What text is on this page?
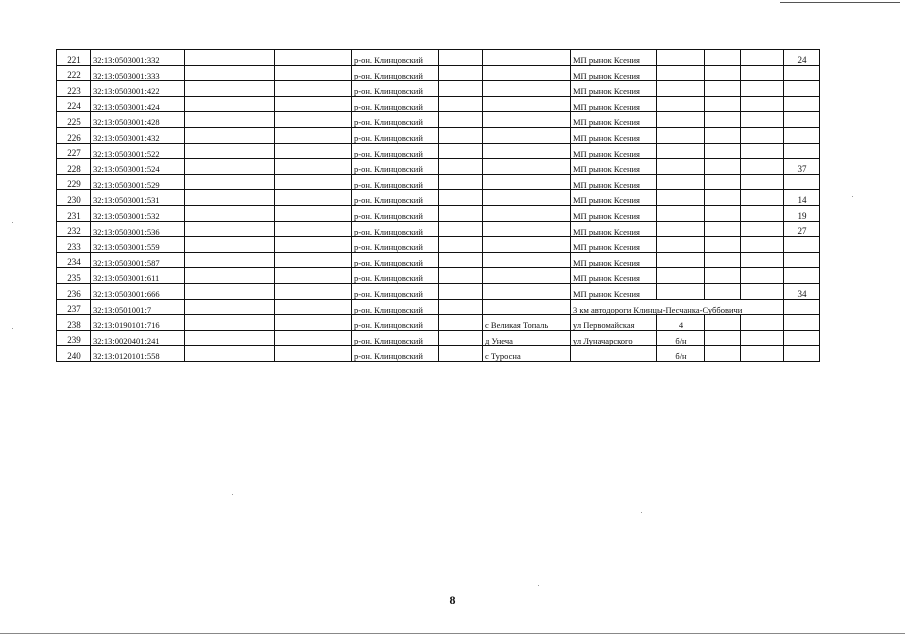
221	32:13:0503001:332			р-он. Клинцовский			МП рынок Ксения				24
222	32:13:0503001:333			р-он. Клинцовский			МП рынок Ксения				
223	32:13:0503001:422			р-он. Клинцовский			МП рынок Ксения				
224	32:13:0503001:424			р-он. Клинцовский			МП рынок Ксения				
225	32:13:0503001:428			р-он. Клинцовский			МП рынок Ксения				
226	32:13:0503001:432			р-он. Клинцовский			МП рынок Ксения				
227	32:13:0503001:522			р-он. Клинцовский			МП рынок Ксения				
228	32:13:0503001:524			р-он. Клинцовский			МП рынок Ксения				37
229	32:13:0503001:529			р-он. Клинцовский			МП рынок Ксения				
230	32:13:0503001:531			р-он. Клинцовский			МП рынок Ксения				14
231	32:13:0503001:532			р-он. Клинцовский			МП рынок Ксения				19
232	32:13:0503001:536			р-он. Клинцовский			МП рынок Ксения				27
233	32:13:0503001:559			р-он. Клинцовский			МП рынок Ксения				
234	32:13:0503001:587			р-он. Клинцовский			МП рынок Ксения				
235	32:13:0503001:611			р-он. Клинцовский			МП рынок Ксения				
236	32:13:0503001:666			р-он. Клинцовский			МП рынок Ксения				34
237	32:13:0501001:7			р-он. Клинцовский			3 км автодороги Клинцы-Песчанка-Суббовичи				
238	32:13:0190101:716			р-он. Клинцовский		с Великая Топаль	ул Первомайская	4			
239	32:13:0020401:241			р-он. Клинцовский		д Унеча	ул Луначарского	б/н			
240	32:13:0120101:558			р-он. Клинцовский		с Туросна		б/н			
8
